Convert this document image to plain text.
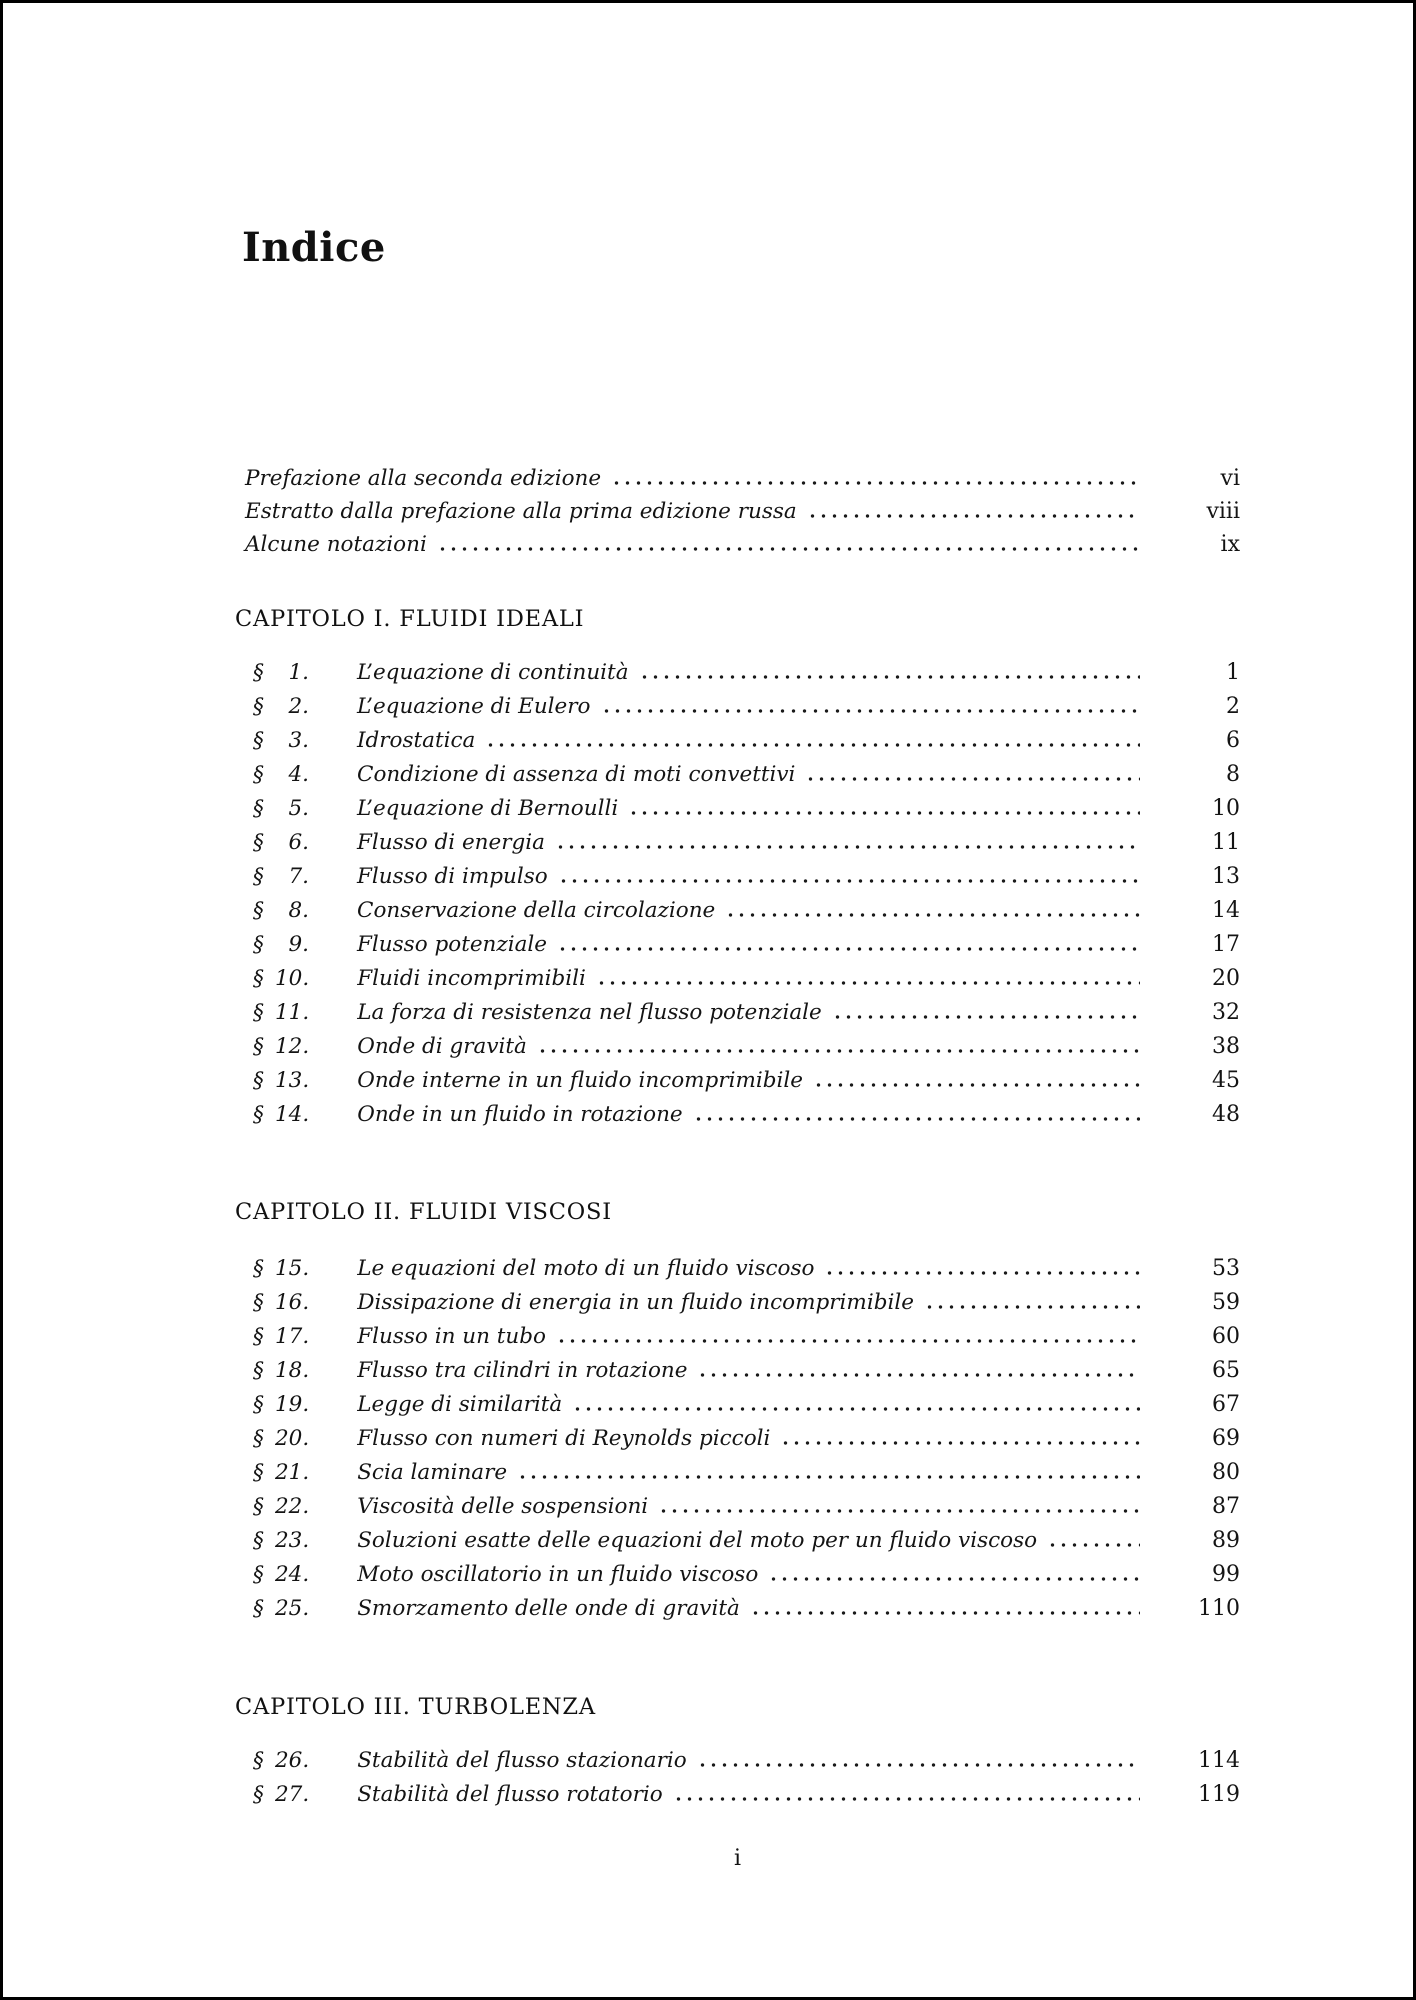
Indice
Prefazione alla seconda edizione	vi
Estratto dalla prefazione alla prima edizione russa	viii
Alcune notazioni	ix
CAPITOLO I. FLUIDI IDEALI
§	1. L’equazione di continuità	1
§	2. L’equazione di Eulero	2
§	3. Idrostatica	6
§	4. Condizione di assenza di moti convettivi	8
§	5. L’equazione di Bernoulli	10
§	6. Flusso di energia	11
§	7. Flusso di impulso	13
§	8. Conservazione della circolazione	14
§	9. Flusso potenziale	17
§ 10. Fluidi incomprimibili	20
§ 11. La forza di resistenza nel flusso potenziale	32
§ 12. Onde di gravità	38
§ 13. Onde interne in un fluido incomprimibile	45
§ 14. Onde in un fluido in rotazione	48
CAPITOLO II. FLUIDI VISCOSI
§ 15. Le equazioni del moto di un fluido viscoso	53
§ 16. Dissipazione di energia in un fluido incomprimibile	59
§ 17. Flusso in un tubo	60
§ 18. Flusso tra cilindri in rotazione	65
§ 19. Legge di similarità	67
§ 20. Flusso con numeri di Reynolds piccoli	69
§ 21. Scia laminare	80
§ 22. Viscosità delle sospensioni	87
§ 23. Soluzioni esatte delle equazioni del moto per un fluido viscoso	89
§ 24. Moto oscillatorio in un fluido viscoso	99
§ 25. Smorzamento delle onde di gravità	110
CAPITOLO III. TURBOLENZA
§ 26. Stabilità del flusso stazionario	114
§ 27. Stabilità del flusso rotatorio	119
i
